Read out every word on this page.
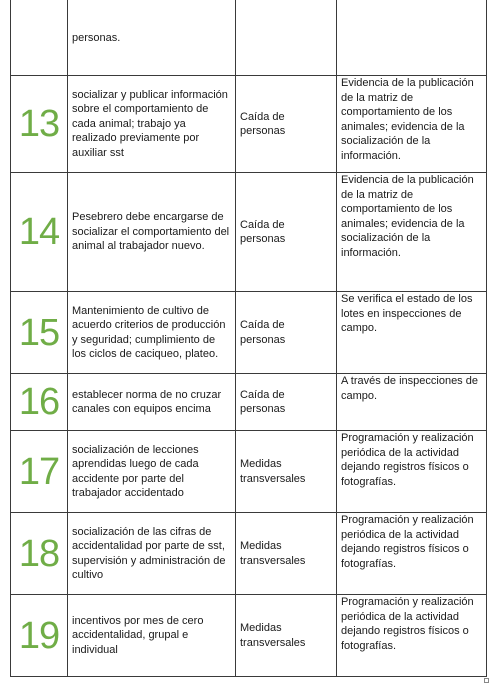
	personas.		
13	socializar y publicar información sobre el comportamiento de cada animal; trabajo ya realizado previamente por auxiliar sst	Caída de personas	Evidencia de la publicación de la matriz de comportamiento de los animales; evidencia de la socialización de la información.
14	Pesebrero debe encargarse de socializar el comportamiento del animal al trabajador nuevo.	Caída de personas	Evidencia de la publicación de la matriz de comportamiento de los animales; evidencia de la socialización de la información.
15	Mantenimiento de cultivo de acuerdo criterios de producción y seguridad; cumplimiento de los ciclos de cacique​o, plateo.	Caída de personas	Se verifica el estado de los lotes en inspecciones de campo.
16	establecer norma de no cruzar canales con equipos encima	Caída de personas	A través de inspecciones de campo.
17	socialización de lecciones aprendidas luego de cada accidente por parte del trabajador accidentado	Medidas transversales	Programación y realización periódica de la actividad dejando registros físicos o fotografías.
18	socialización de las cifras de accidentalidad por parte de sst, supervisión y administración de cultivo	Medidas transversales	Programación y realización periódica de la actividad dejando registros físicos o fotografías.
19	incentivos por mes de cero accidentalidad, grupal e individual	Medidas transversales	Programación y realización periódica de la actividad dejando registros físicos o fotografías.
